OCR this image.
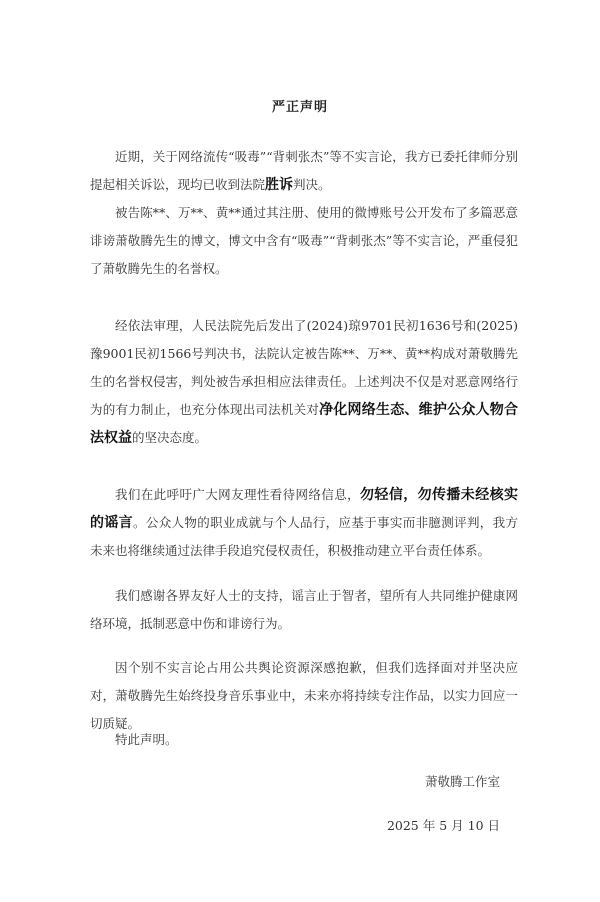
严正声明
近期，关于网络流传“吸毒”“背刺张杰”等不实言论，我方已委托律师分别提起相关诉讼，现均已收到法院胜诉判决。
被告陈**、万**、黄**通过其注册、使用的微博账号公开发布了多篇恶意诽谤萧敬腾先生的博文，博文中含有“吸毒”“背刺张杰”等不实言论，严重侵犯了萧敬腾先生的名誉权。
经依法审理，人民法院先后发出了(2024)琼9701民初1636号和(2025)豫9001民初1566号判决书，法院认定被告陈**、万**、黄**构成对萧敬腾先生的名誉权侵害，判处被告承担相应法律责任。上述判决不仅是对恶意网络行为的有力制止，也充分体现出司法机关对净化网络生态、维护公众人物合法权益的坚决态度。
我们在此呼吁广大网友理性看待网络信息，勿轻信，勿传播未经核实的谣言。公众人物的职业成就与个人品行，应基于事实而非臆测评判，我方未来也将继续通过法律手段追究侵权责任，积极推动建立平台责任体系。
我们感谢各界友好人士的支持，谣言止于智者，望所有人共同维护健康网络环境，抵制恶意中伤和诽谤行为。
因个别不实言论占用公共舆论资源深感抱歉，但我们选择面对并坚决应对，萧敬腾先生始终投身音乐事业中，未来亦将持续专注作品，以实力回应一切质疑。
特此声明。
萧敬腾工作室
2025 年 5 月 10 日
